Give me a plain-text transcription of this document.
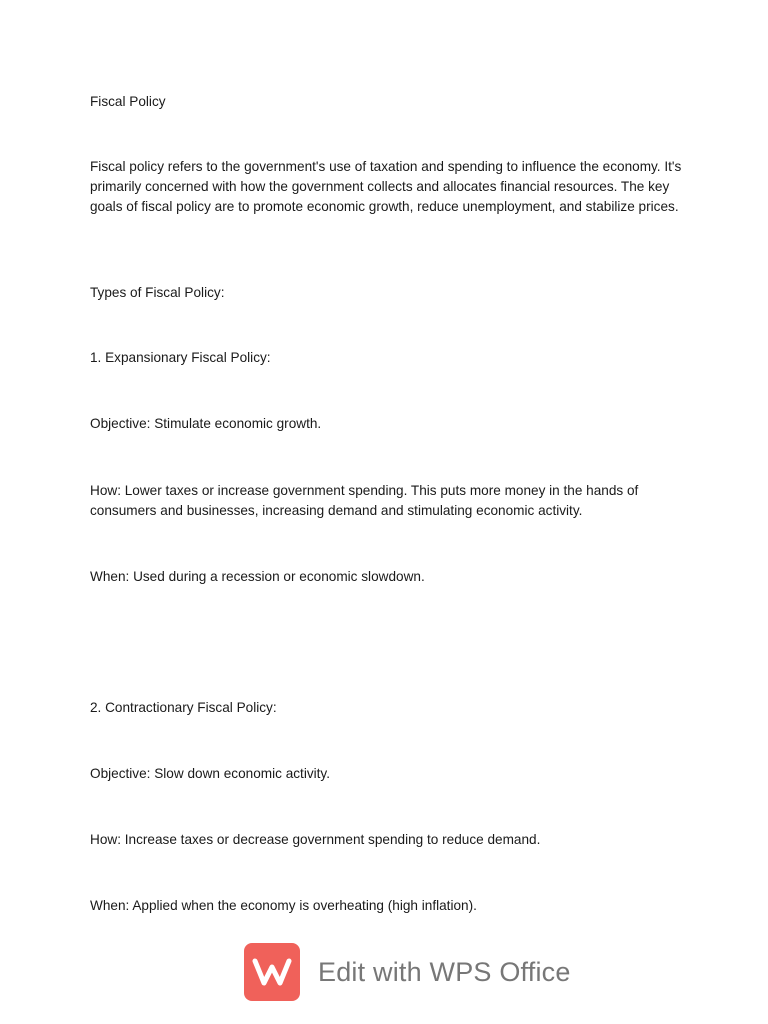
Fiscal Policy

Fiscal policy refers to the government's use of taxation and spending to influence the economy. It's primarily concerned with how the government collects and allocates financial resources. The key goals of fiscal policy are to promote economic growth, reduce unemployment, and stabilize prices.

Types of Fiscal Policy:

1. Expansionary Fiscal Policy:

Objective: Stimulate economic growth.

How: Lower taxes or increase government spending. This puts more money in the hands of consumers and businesses, increasing demand and stimulating economic activity.

When: Used during a recession or economic slowdown.

2. Contractionary Fiscal Policy:

Objective: Slow down economic activity.

How: Increase taxes or decrease government spending to reduce demand.

When: Applied when the economy is overheating (high inflation).

Edit with WPS Office
